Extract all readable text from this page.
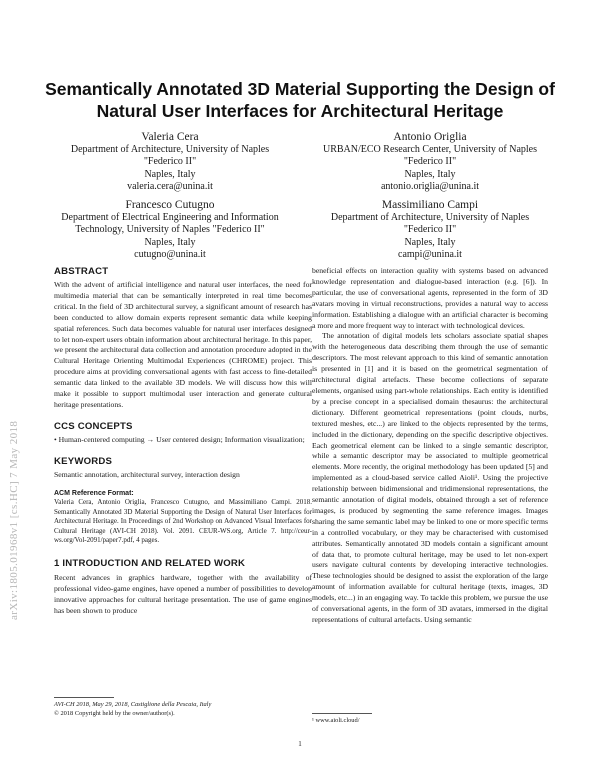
arXiv:1805.01968v1 [cs.HC] 7 May 2018
Semantically Annotated 3D Material Supporting the Design of
Natural User Interfaces for Architectural Heritage
Valeria Cera
Department of Architecture, University of Naples
"Federico II"
Naples, Italy
valeria.cera@unina.it
Antonio Origlia
URBAN/ECO Research Center, University of Naples
"Federico II"
Naples, Italy
antonio.origlia@unina.it
Francesco Cutugno
Department of Electrical Engineering and Information
Technology, University of Naples "Federico II"
Naples, Italy
cutugno@unina.it
Massimiliano Campi
Department of Architecture, University of Naples
"Federico II"
Naples, Italy
campi@unina.it
ABSTRACT

With the advent of artificial intelligence and natural user interfaces, the need for multimedia material that can be semantically interpreted in real time becomes critical. In the field of 3D architectural survey, a significant amount of research has been conducted to allow domain experts represent semantic data while keeping spatial references. Such data becomes valuable for natural user interfaces designed to let non-expert users obtain information about architectural heritage. In this paper, we present the architectural data collection and annotation procedure adopted in the Cultural Heritage Orienting Multimodal Experiences (CHROME) project. This procedure aims at providing conversational agents with fast access to fine-detailed semantic data linked to the available 3D models. We will discuss how this will make it possible to support multimodal user interaction and generate cultural heritage presentations.

CCS CONCEPTS

• Human-centered computing → User centered design; Information visualization;

KEYWORDS

Semantic annotation, architectural survey, interaction design

ACM Reference Format:

Valeria Cera, Antonio Origlia, Francesco Cutugno, and Massimiliano Campi. 2018. Semantically Annotated 3D Material Supporting the Design of Natural User Interfaces for Architectural Heritage. In Proceedings of 2nd Workshop on Advanced Visual Interfaces for Cultural Heritage (AVI-CH 2018). Vol. 2091. CEUR-WS.org, Article 7. http://ceur-ws.org/Vol-2091/paper7.pdf, 4 pages.

1 INTRODUCTION AND RELATED WORK

Recent advances in graphics hardware, together with the availability of professional video-game engines, have opened a number of possibilities to develop innovative approaches for cultural heritage presentation. The use of game engines has been shown to produce

beneficial effects on interaction quality with systems based on advanced knowledge representation and dialogue-based interaction (e.g. [6]). In particular, the use of conversational agents, represented in the form of 3D avatars moving in virtual reconstructions, provides a natural way to access information. Establishing a dialogue with an artificial character is becoming a more and more frequent way to interact with technological devices.

The annotation of digital models lets scholars associate spatial shapes with the heterogeneous data describing them through the use of semantic descriptors. The most relevant approach to this kind of semantic annotation is presented in [1] and it is based on the geometrical segmentation of architectural digital artefacts. These become collections of separate elements, organised using part-whole relationships. Each entity is identified by a precise concept in a specialised domain thesaurus: the architectural dictionary. Different geometrical representations (point clouds, nurbs, textured meshes, etc...) are linked to the objects represented by the terms, included in the dictionary, depending on the specific descriptive objectives. Each geometrical element can be linked to a single semantic descriptor, while a semantic descriptor may be associated to multiple geometrical elements. More recently, the original methodology has been updated [5] and implemented as a cloud-based service called Aioli¹. Using the projective relationship between bidimensional and tridimensional representations, the semantic annotation of digital models, obtained through a set of reference images, is produced by segmenting the same reference images. Images sharing the same semantic label may be linked to one or more specific terms in a controlled vocabulary, or they may be characterised with customised attributes. Semantically annotated 3D models contain a significant amount of data that, to promote cultural heritage, may be used to let non-expert users navigate cultural contents by developing interactive technologies. These technologies should be designed to assist the exploration of the large amount of information available for cultural heritage (texts, images, 3D models, etc...) in an engaging way. To tackle this problem, we pursue the use of conversational agents, in the form of 3D avatars, immersed in the digital representations of cultural artefacts. Using semantic

AVI-CH 2018, May 29, 2018, Castiglione della Pescaia, Italy
© 2018 Copyright held by the owner/author(s).
¹ www.aioli.cloud/
1
